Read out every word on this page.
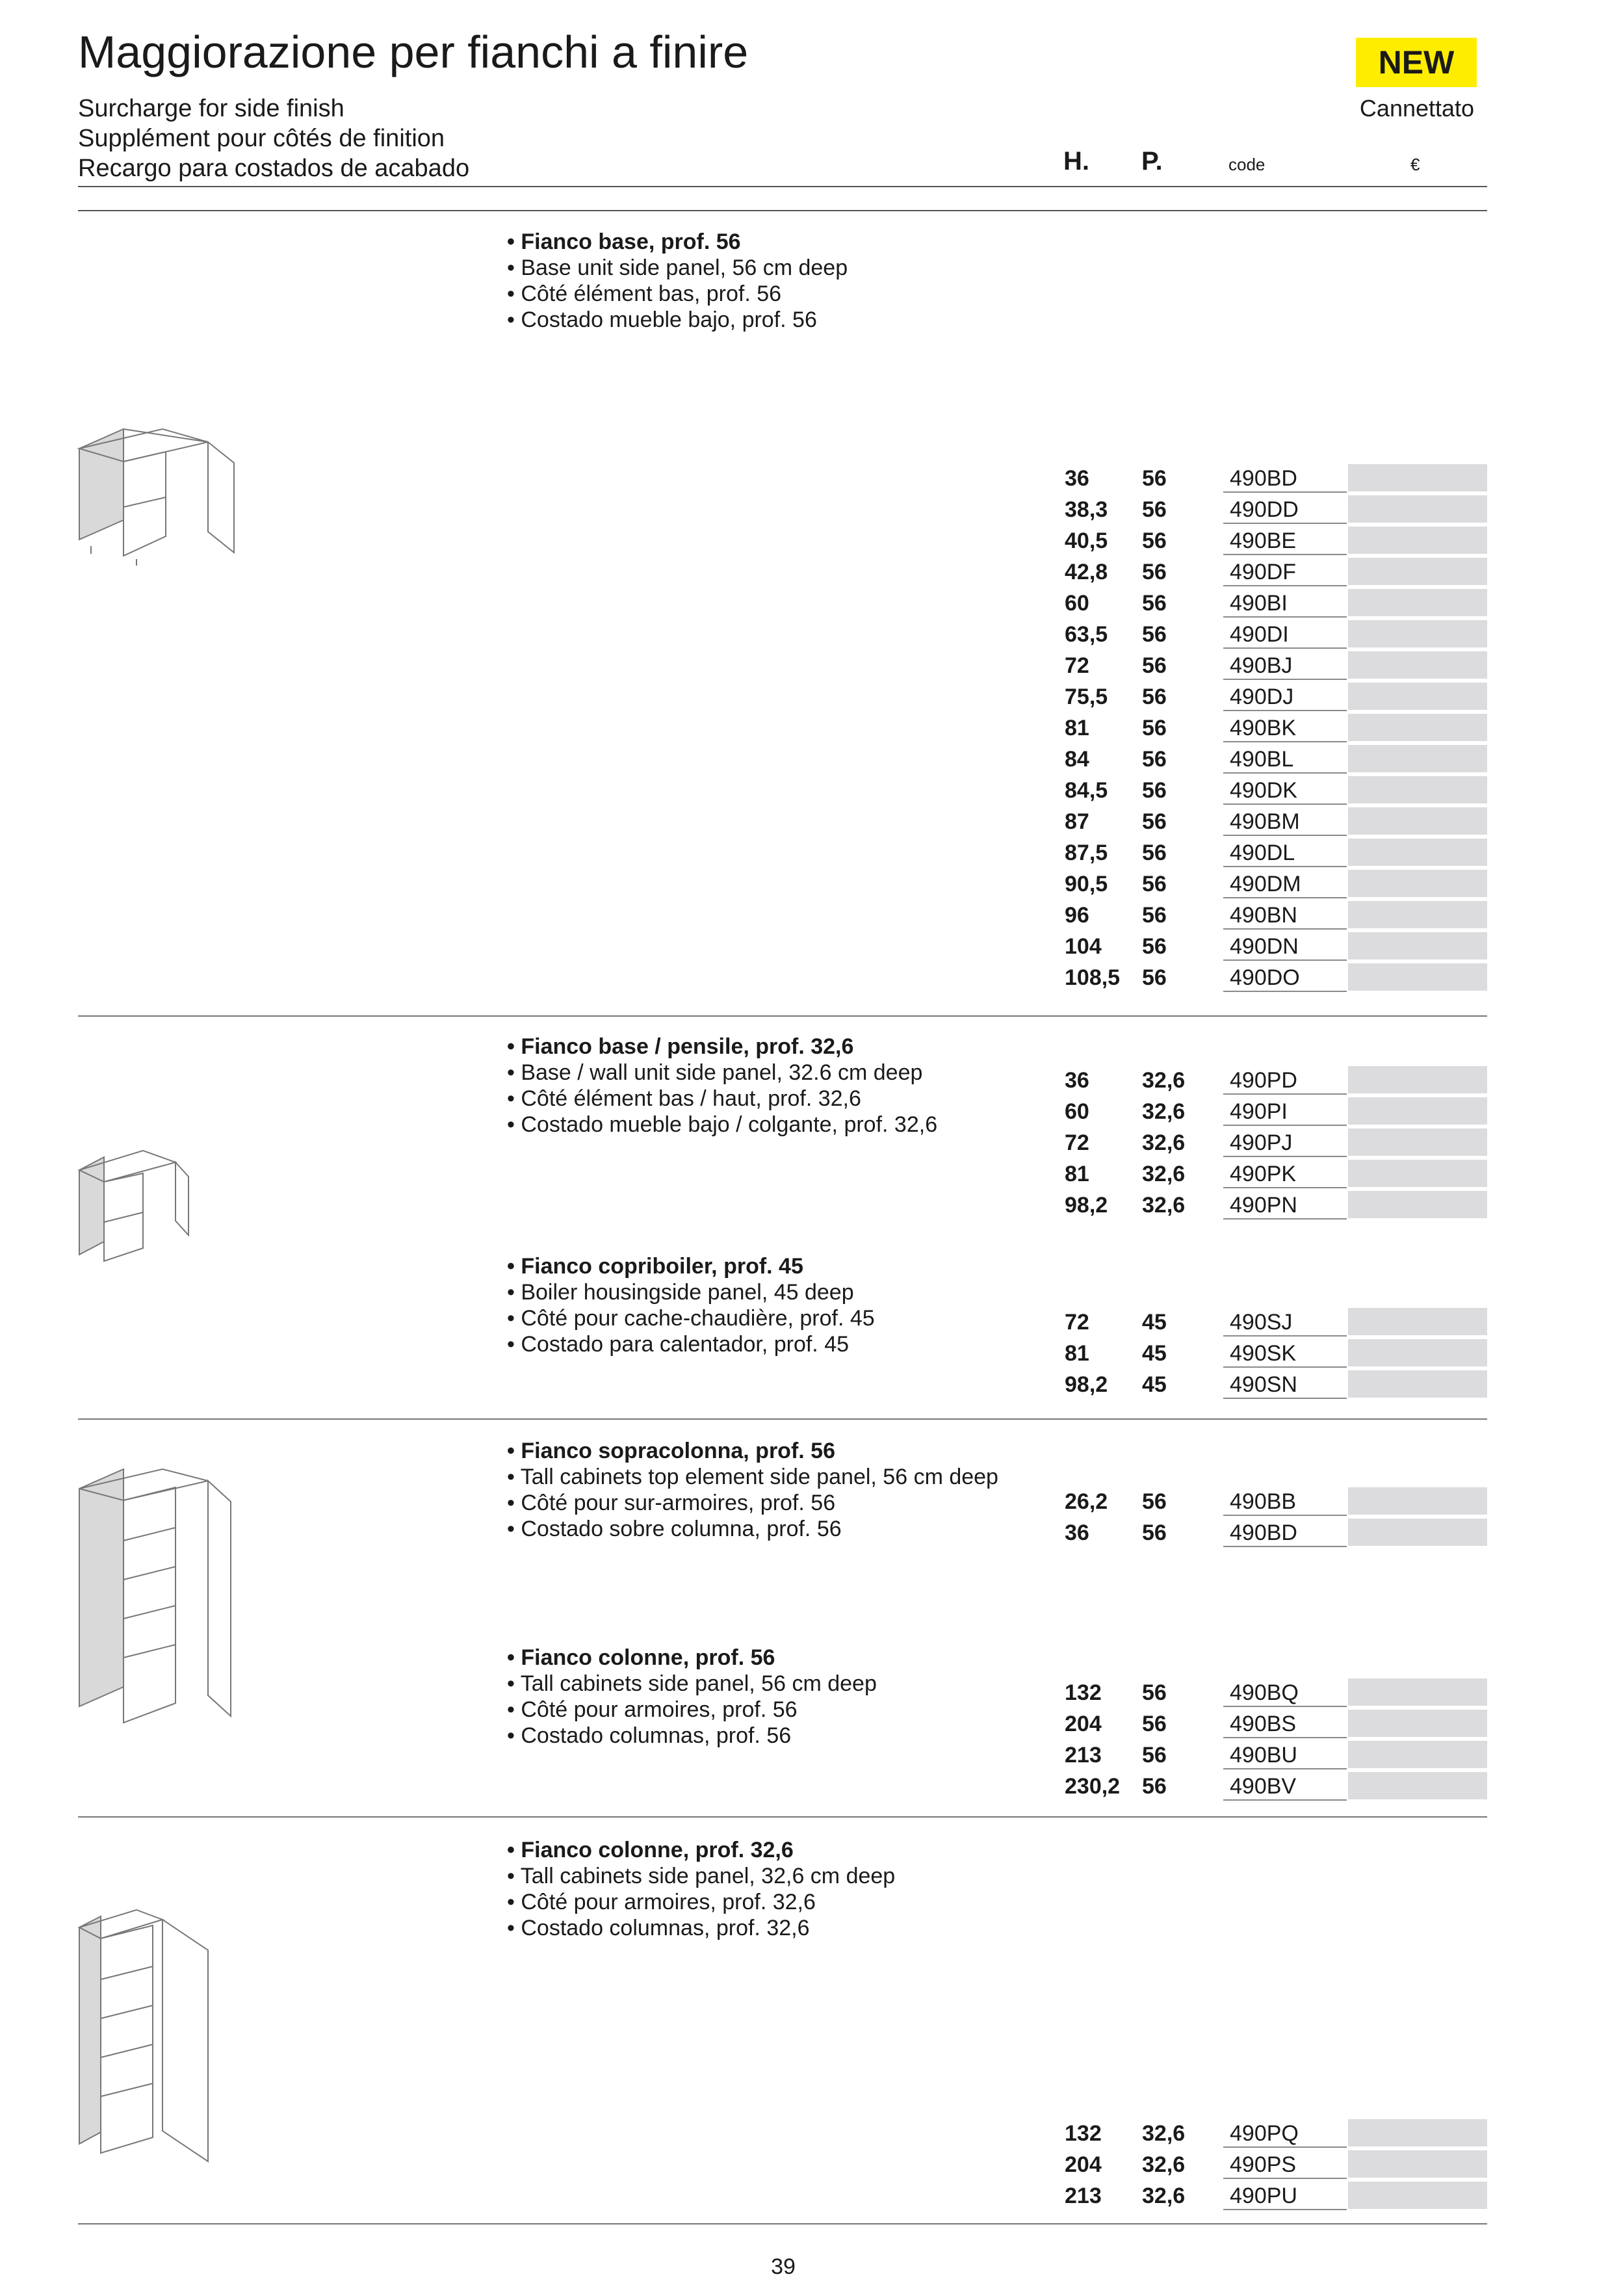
Maggiorazione per fianchi a finire
Surcharge for side finish
Supplément pour côtés de finition
Recargo para costados de acabado
NEW
Cannettato
H. P.	code	€
• Fianco base, prof. 56
• Base unit side panel, 56 cm deep
• Côté élément bas, prof. 56
• Costado mueble bajo, prof. 56
36 56	490BD
38,3 56	490DD
40,5 56	490BE
42,8 56	490DF
60 56	490BI
63,5 56	490DI
72 56	490BJ
75,5 56	490DJ
81 56	490BK
84 56	490BL
84,5 56	490DK
87 56	490BM
87,5 56	490DL
90,5 56	490DM
96 56	490BN
104 56	490DN
108,5 56	490DO
• Fianco base / pensile, prof. 32,6
• Base / wall unit side panel, 32.6 cm deep
• Côté élément bas / haut, prof. 32,6
• Costado mueble bajo / colgante, prof. 32,6
36 32,6 490PD
60 32,6 490PI
72 32,6 490PJ
81 32,6 490PK
98,2 32,6 490PN
• Fianco copriboiler, prof. 45
• Boiler housingside panel, 45 deep
• Côté pour cache-chaudière, prof. 45
• Costado para calentador, prof. 45
72 45	490SJ
81 45	490SK
98,2 45	490SN
• Fianco sopracolonna, prof. 56
• Tall cabinets top element side panel, 56 cm deep
• Côté pour sur-armoires, prof. 56
• Costado sobre columna, prof. 56
26,2 56	490BB
36 56	490BD
• Fianco colonne, prof. 56
• Tall cabinets side panel, 56 cm deep
• Côté pour armoires, prof. 56
• Costado columnas, prof. 56
132 56	490BQ
204 56	490BS
213 56	490BU
230,2 56	490BV
• Fianco colonne, prof. 32,6
• Tall cabinets side panel, 32,6 cm deep
• Côté pour armoires, prof. 32,6
• Costado columnas, prof. 32,6
132 32,6 490PQ
204 32,6 490PS
213 32,6 490PU
39
